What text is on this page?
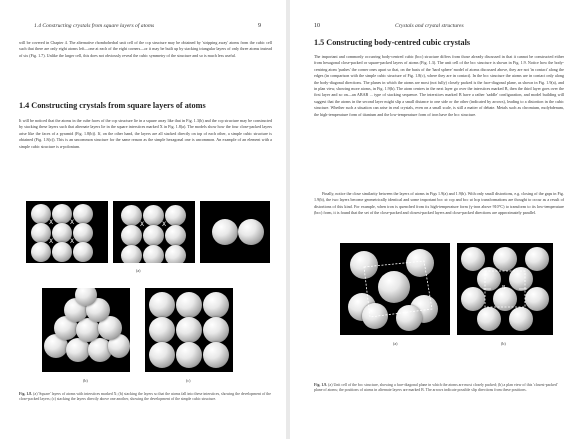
1.4 Constructing crystals from square layers of atoms	9

will be covered in Chapter 4. The alternative rhombohedral unit cell of the ccp structure may be obtained by 'stripping away' atoms from the cubic cell such that there are only eight atoms left—one at each of the eight corners—or it may be built up by stacking triangular layers of only three atoms instead of six (Fig. 1.7). Unlike the larger cell, this does not obviously reveal the cubic symmetry of the structure and so is much less useful.

1.4 Constructing crystals from square layers of atoms

It will be noticed that the atoms in the cube faces of the ccp structure lie in a square array like that in Fig. 1.3(b) and the ccp structure may be constructed by stacking these layers such that alternate layers lie in the square interstices marked X in Fig. 1.8(a). The models show how the four close-packed layers arise like the faces of a pyramid (Fig. 1.8(b)). If, on the other hand, the layers are all stacked directly on top of each other, a simple cubic structure is obtained (Fig. 1.8(c)). This is an uncommon structure for the same reason as the simple hexagonal one is uncommon. An example of an element with a simple cubic structure is α-polonium.

X	X
X	X
X	X
(a)
(b)	(c)

Fig. 1.8. (a) 'Square' layers of atoms with interstices marked X; (b) stacking the layers so that the atoms fall into these interstices, showing the development of the close-packed layers; (c) stacking the layers directly above one another, showing the development of the simple cubic structure.

10	Crystals and crystal structures
1.5 Constructing body-centred cubic crystals

The important and commonly occurring body-centred cubic (bcc) structure differs from those already discussed in that it cannot be constructed either from hexagonal close-packed or square-packed layers of atoms (Fig. 1.3). The unit cell of the bcc structure is shown in Fig. 1.9. Notice how the body-centring atom 'pushes' the corner ones apart so that, on the basis of the 'hard sphere' model of atoms discussed above, they are not 'in contact' along the edges (in comparison with the simple cubic structure of Fig. 1.8(c), where they are in contact). In the bcc structure the atoms are in contact only along the body-diagonal directions. The planes in which the atoms are most (not fully) closely packed is the face-diagonal plane, as shown in Fig. 1.9(a), and in plan view, showing more atoms, in Fig. 1.9(b). The atom centres in the next layer go over the interstices marked B, then the third layer goes over the first layer and so on—an ABAB ... type of stacking sequence. The interstices marked B have a rather 'saddle' configuration, and model building will suggest that the atoms in the second layer might slip a small distance to one side or the other (indicated by arrows), leading to a distortion in the cubic structure. Whether such a situation can arise in real crystals, even on a small scale, is still a matter of debate. Metals such as chromium, molybdenum, the high-temperature form of titanium and the low-temperature form of iron have the bcc structure.

Finally, notice the close similarity between the layers of atoms in Figs 1.9(a) and 1.9(b). With only small distortions, e.g. closing of the gaps in Fig. 1.9(b), the two layers become geometrically identical and some important bcc ⇌ ccp and bcc ⇌ hcp transformations are thought to occur as a result of distortions of this kind. For example, when iron is quenched from its high-temperature form (γ-iron above 910°C) to transform to its low-temperature (bcc) form, it is found that the set of the close-packed and closest-packed layers and close-packed directions are approximately parallel.

(a)
B
(b)

Fig. 1.9. (a) Unit cell of the bcc structure, showing a face-diagonal plane in which the atoms are most closely packed; (b) a plan view of this 'closest-packed' plane of atoms; the positions of atoms in alternate layers are marked B. The arrows indicate possible slip directions from these positions.
